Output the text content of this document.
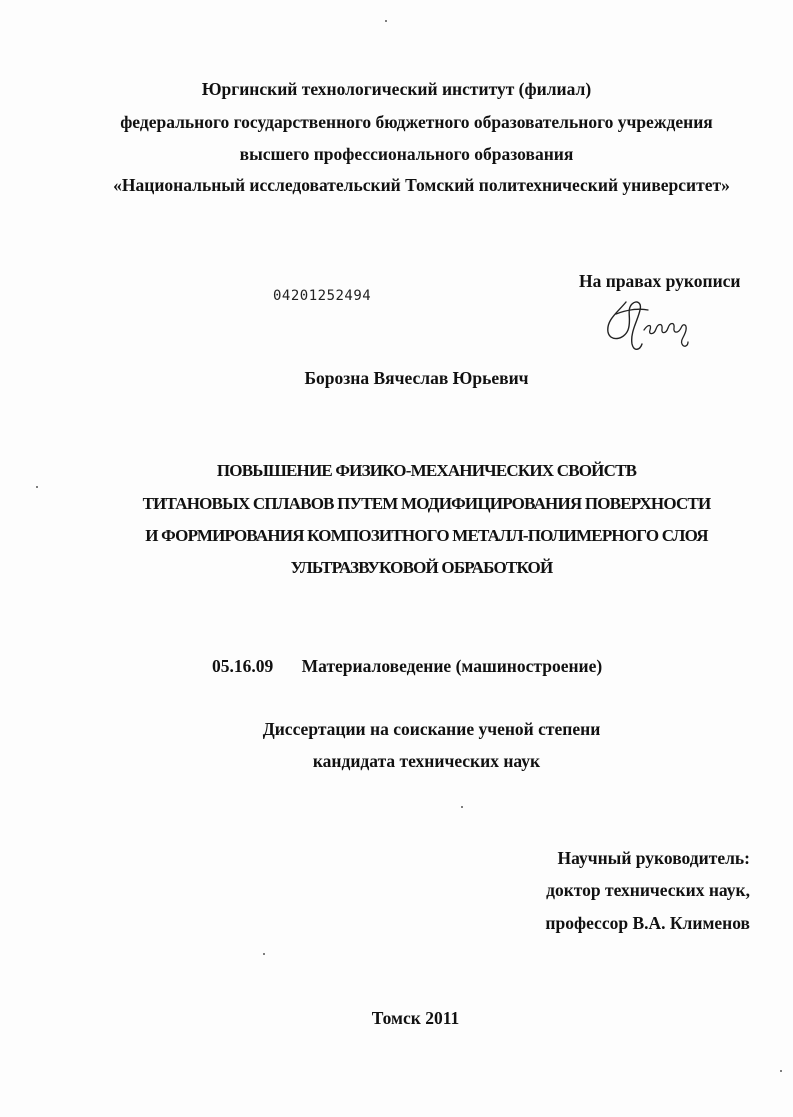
Юргинский технологический институт (филиал)
федерального государственного бюджетного образовательного учреждения
высшего профессионального образования
«Национальный исследовательский Томский политехнический университет»
На правах рукописи
04201252494
Борозна Вячеслав Юрьевич
ПОВЫШЕНИЕ ФИЗИКО-МЕХАНИЧЕСКИХ СВОЙСТВ
ТИТАНОВЫХ СПЛАВОВ ПУТЕМ МОДИФИЦИРОВАНИЯ ПОВЕРХНОСТИ
И ФОРМИРОВАНИЯ КОМПОЗИТНОГО МЕТАЛЛ-ПОЛИМЕРНОГО СЛОЯ
УЛЬТРАЗВУКОВОЙ ОБРАБОТКОЙ
05.16.09 Материаловедение (машиностроение)
Диссертации на соискание ученой степени
кандидата технических наук
Научный руководитель:
доктор технических наук,
профессор В.А. Клименов
Томск 2011
